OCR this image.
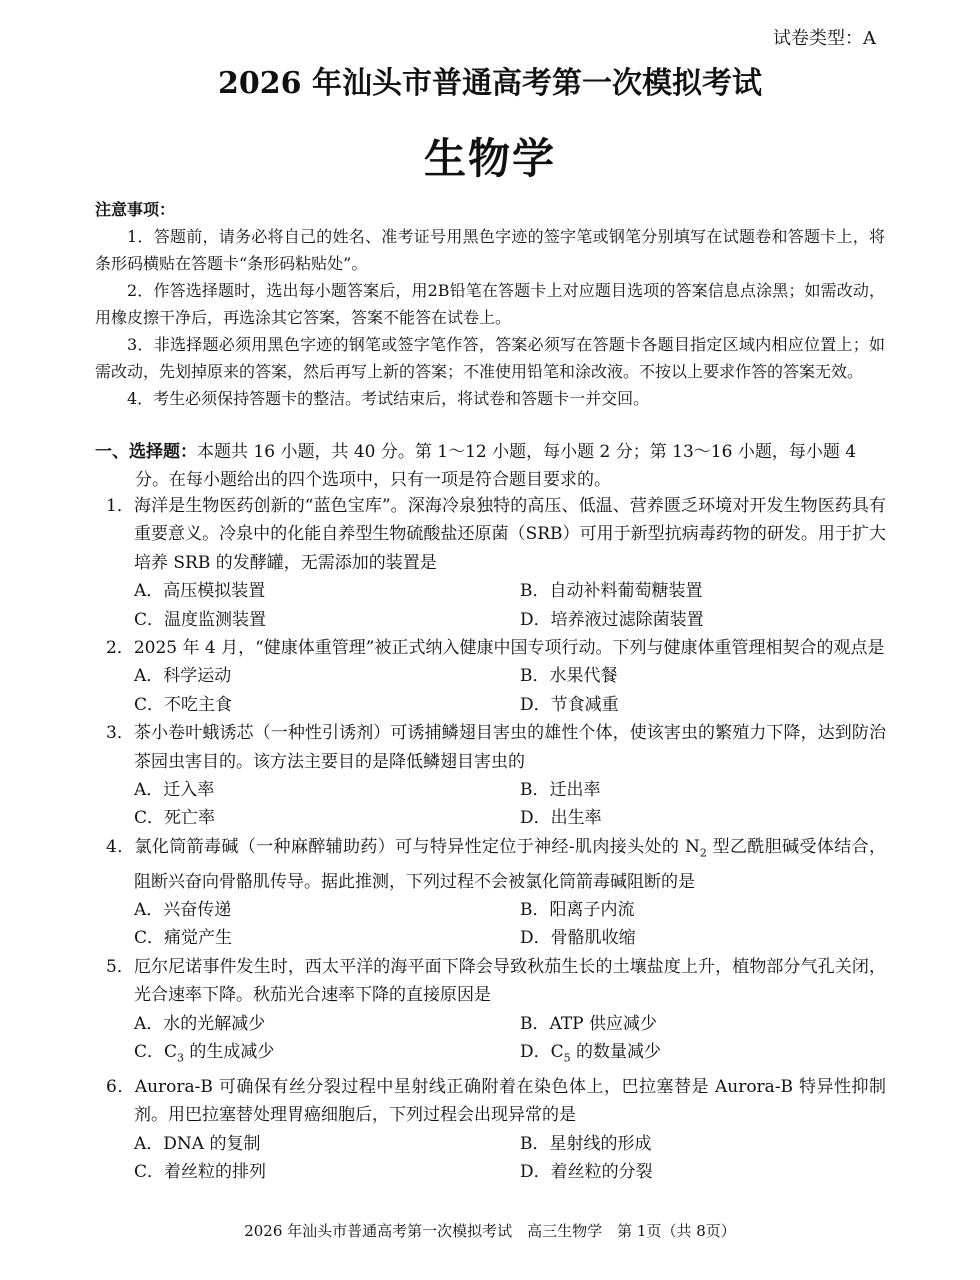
试卷类型：A
2026 年汕头市普通高考第一次模拟考试
生物学
注意事项：

1．答题前，请务必将自己的姓名、准考证号用黑色字迹的签字笔或钢笔分别填写在试题卷和答题卡上，将条形码横贴在答题卡“条形码粘贴处”。

2．作答选择题时，选出每小题答案后，用2B铅笔在答题卡上对应题目选项的答案信息点涂黑；如需改动，用橡皮擦干净后，再选涂其它答案，答案不能答在试卷上。

3．非选择题必须用黑色字迹的钢笔或签字笔作答，答案必须写在答题卡各题目指定区域内相应位置上；如需改动，先划掉原来的答案，然后再写上新的答案；不准使用铅笔和涂改液。不按以上要求作答的答案无效。

4．考生必须保持答题卡的整洁。考试结束后，将试卷和答题卡一并交回。

一、选择题：本题共 16 小题，共 40 分。第 1～12 小题，每小题 2 分；第 13～16 小题，每小题 4 分。在每小题给出的四个选项中，只有一项是符合题目要求的。
1．海洋是生物医药创新的“蓝色宝库”。深海冷泉独特的高压、低温、营养匮乏环境对开发生物医药具有重要意义。冷泉中的化能自养型生物硫酸盐还原菌（SRB）可用于新型抗病毒药物的研发。用于扩大培养 SRB 的发酵罐，无需添加的装置是
A．高压模拟装置	B．自动补料葡萄糖装置
C．温度监测装置	D．培养液过滤除菌装置
2．2025 年 4 月，“健康体重管理”被正式纳入健康中国专项行动。下列与健康体重管理相契合的观点是
A．科学运动	B．水果代餐
C．不吃主食	D．节食减重
3．茶小卷叶蛾诱芯（一种性引诱剂）可诱捕鳞翅目害虫的雄性个体，使该害虫的繁殖力下降，达到防治茶园虫害目的。该方法主要目的是降低鳞翅目害虫的
A．迁入率	B．迁出率
C．死亡率	D．出生率
4．氯化筒箭毒碱（一种麻醉辅助药）可与特异性定位于神经-肌肉接头处的 $N_2$ 型乙酰胆碱受体结合，阻断兴奋向骨骼肌传导。据此推测，下列过程不会被氯化筒箭毒碱阻断的是
A．兴奋传递	B．阳离子内流
C．痛觉产生	D．骨骼肌收缩
5．厄尔尼诺事件发生时，西太平洋的海平面下降会导致秋茄生长的土壤盐度上升，植物部分气孔关闭，光合速率下降。秋茄光合速率下降的直接原因是
A．水的光解减少	B．ATP 供应减少
C．$C_3$ 的生成减少	D．$C_5$ 的数量减少
6．Aurora-B 可确保有丝分裂过程中星射线正确附着在染色体上，巴拉塞替是 Aurora-B 特异性抑制剂。用巴拉塞替处理胃癌细胞后，下列过程会出现异常的是
A．DNA 的复制	B．星射线的形成
C．着丝粒的排列	D．着丝粒的分裂
2026 年汕头市普通高考第一次模拟考试　高三生物学　第 1页（共 8页）
